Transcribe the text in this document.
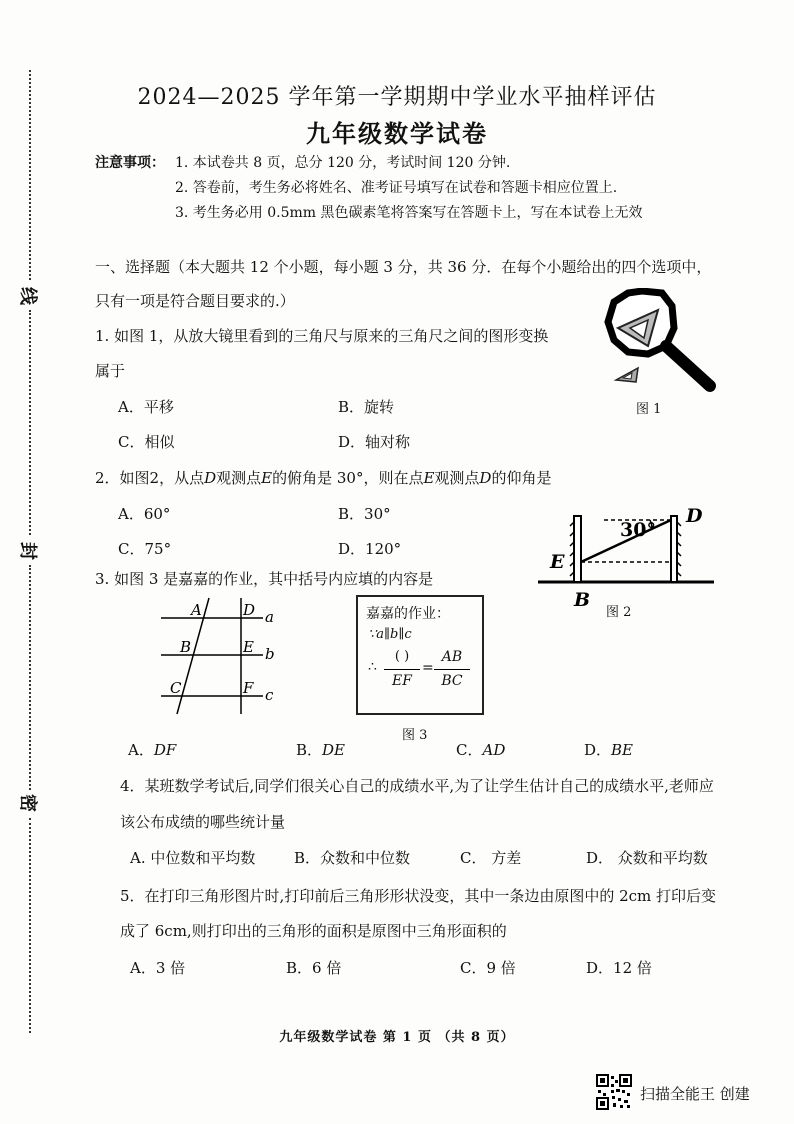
线
封
密
2024—2025 学年第一学期期中学业水平抽样评估
九年级数学试卷
注意事项： 1. 本试卷共 8 页，总分 120 分，考试时间 120 分钟.
2. 答卷前，考生务必将姓名、准考证号填写在试卷和答题卡相应位置上.
3. 考生务必用 0.5mm 黑色碳素笔将答案写在答题卡上，写在本试卷上无效
一、选择题（本大题共 12 个小题，每小题 3 分，共 36 分．在每个小题给出的四个选项中，
只有一项是符合题目要求的.）
1. 如图 1，从放大镜里看到的三角尺与原来的三角尺之间的图形变换
属于
A．平移	B．旋转
C．相似	D．轴对称
图 1
2．如图2，从点D观测点E的俯角是 30°，则在点E观测点D的仰角是
A．60°	B．30°
C．75°	D．120°
30°
D
E
B
图 2
3. 如图 3 是嘉嘉的作业，其中括号内应填的内容是
A
B
C
D
E
F
a
b
c
嘉嘉的作业：
∵a∥b∥c
∴
( )
EF
=
AB
BC
图 3
A．DF	B．DE	C．AD	D．BE
4．某班数学考试后,同学们很关心自己的成绩水平,为了让学生估计自己的成绩水平,老师应
该公布成绩的哪些统计量
A. 中位数和平均数	B．众数和中位数	C． 方差	D． 众数和平均数
5．在打印三角形图片时,打印前后三角形形状没变，其中一条边由原图中的 2cm 打印后变
成了 6cm,则打印出的三角形的面积是原图中三角形面积的
A．3 倍	B．6 倍	C．9 倍	D．12 倍
九年级数学试卷 第 1 页 （共 8 页）
扫描全能王 创建
